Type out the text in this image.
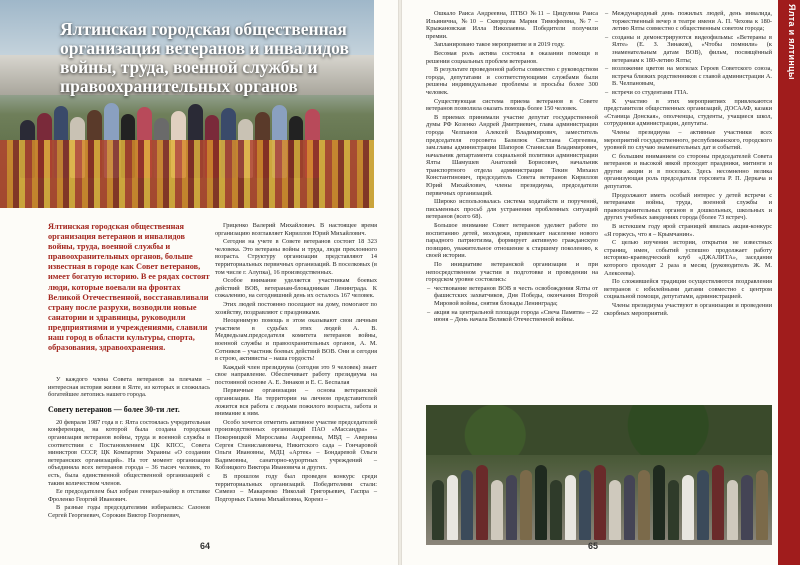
Ялтинская городская общественная организация ветеранов и инвалидов войны, труда, военной службы и правоохранительных органов

Ялтинская городская общественная организация ветеранов и инвалидов войны, труда, военной службы и правоохранительных органов, больше известная в городе как Совет ветеранов, имеет богатую историю. В ее рядах состоят люди, которые воевали на фронтах Великой Отечественной, восстанавливали страну после разрухи, возводили новые санатории и здравницы, руководили предприятиями и учреждениями, славили наш город в области культуры, спорта, образования, здравоохранения.

У каждого члена Совета ветеранов за плечами – интересная история жизни в Ялте, из которых и сложилась богатейшее летопись нашего города.

Совету ветеранов — более 30-ти лет.

20 февраля 1987 года в г. Ялта состоялась учредительная конференция, на которой была создана городская организация ветеранов войны, труда и военной службы в соответствии с Постановлением ЦК КПСС, Совета министров СССР, ЦК Компартии Украины «О создании ветеранских организаций». На тот момент организация объединяла всех ветеранов города – 36 тысяч человек, то есть, была единственной общественной организацией с таким количеством членов.

Ее председателем был избран генерал-майор в отставке Фроленко Георгий Иванович.

В разные годы председателями избирались: Сазонов Сергей Георгиевич, Сорокин Виктор Георгиевич,

Гриценко Валерий Михайлович. В настоящее время организацию возглавляет Кириллов Юрий Михайлович.

Сегодня на учете в Совете ветеранов состоит 18 323 человека. Это ветераны войны и труда, люди преклонного возраста. Структуру организации представляют 14 территориальных первичных организаций. В поселковых (в том числе г. Алупка), 16 производственных.

Особое внимание уделяется участникам боевых действий ВОВ, ветеранам-блокадникам Ленинграда. К сожалению, на сегодняшний день их осталось 167 человек.

Этих людей постоянно посещают на дому, помогают по хозяйству, поздравляют с праздниками.

Неоценимую помощь в этом оказывают свои личным участием в судьбах этих людей А. В. Медведьзам.председателя комитета ветеранов войны, военной службы и правоохранительных органов, А. М. Сотников – участник боевых действий ВОВ. Они и сегодня в строю, активисты – наша гордость!

Каждый член президиума (сегодня это 9 человек) знает свое направление. Обеспечивает работу президиума на постоянной основе А. Е. Зинаков и Е. С. Беспалая

Первичные организации – основа ветеранской организации. На территории на личном представителей ложится вся работа с людьми пожилого возраста, забота и внимание к ним.

Особо хочется отметить активное участие председателей производственных организаций ПАО «Массандра» – Покорницкой Мирославы Андреевны, МВД – Аверина Сергея Станиславовича, Никитского сада – Гончаровой Ольги Ивановны, МДЦ «Артек» – Бондаревой Ольги Вадимовны, санаторно-курортных учреждений – Кобзицкого Виктора Ивановича и других.

В прошлом году был проведен конкурс среди территориальных организаций. Победителями стали: Симеиз – Макаренко Николай Григорьевич, Гаспра – Подгорных Галина Михайловна, Кореиз –

64

Ошкало Раиса Андреевна, ПТВО №11 – Цицулина Раиса Ильинична, №10 – Скворцова Мария Тимофеевна, №7 – Крыжановская Илла Николаевна. Победители получили премии.

Запланировано такое мероприятие и в 2019 году.

Весомая роль актива состояла в оказании помощи в решении социальных проблем ветеранов.

В результате проведенной работы совместно с руководством города, депутатами и соответствующими службами были решены индивидуальные проблемы и просьбы более 300 человек.

Существующая система приема ветеранов в Совете ветеранов позволила оказать помощь более 150 человек.

В приемах принимали участие депутат государственной думы РФ Козенко Андрей Дмитриевич, глава администрации города Челпанов Алексей Владимирович, заместитель председателя горсовета Базилюк Светлана Сергеевна, зам.главы администрации Шапоров Станислав Владимирович, начальник департамента социальной политики администрации Ялты Шамушев Анатолий Борисович, начальник транспортного отдела администрации Текин Михаил Константинович, председатель Совета ветеранов Кириллов Юрий Михайлович, члены президиума, председатели первичных организаций.

Широко использовалась система ходатайств и поручений, письменных просьб для устранения проблемных ситуаций ветеранов (всего 68).

Большое внимание Совет ветеранов уделяет работе по воспитанию детей, молодежи, привлекает население нового парадного патриотизма, формирует активную гражданскую позицию, уважительное отношение к старшему поколению, к своей истории.

По инициативе ветеранской организации и при непосредственном участии в подготовке и проведении на городском уровне состоялись:

– чествование ветеранов ВОВ в честь освобождения Ялты от фашистских захватчиков, Дня Победы, окончания Второй Мировой войны, снятия блокады Ленинграда;
– акция на центральной площади города «Свеча Памяти» – 22 июня – День начала Великой Отечественной войны.
– Международный день пожилых людей, день инвалида, торжественный вечер в театре имени А. П. Чехова к 180-летию Ялты совместно с общественным советом города;
– созданы и демонстрируются видеофильмы: «Ветераны в Ялте» (Е. З. Зинаков), «Чтобы помнили» (к знаменательным датам ВОВ), фильм, посвящённый ветеранам к 180-летию Ялты;
– возложение цветов на могилах Героев Советского союза, встреча близких родственников с главой администрации А. В. Челпановым,
– встречи со студентами ГПА.

К участию в этих мероприятиях привлекаются представители общественных организаций, ДОСААФ, казаки «Станица Донская», ополченцы, студенты, учащиеся школ, сотрудники администрации, депутаты.

Члены президиума – активные участники всех мероприятий государственного, республиканского, городского уровней по случаю знаменательных дат и событий.

С большим вниманием со стороны председателей Совета ветеранов и высокой явкой проходят праздники, митинги и другие акции и в поселках. Здесь несомненно велика организующая роль председателя горсовета Р. П. Деркача и депутатов.

Продолжают иметь особый интерес у детей встречи с ветеранами войны, труда, военной службы и правоохранительных органов в дошкольных, школьных и других учебных заведениях города (более 73 встреч).

В истекшем году ярой страницей явилась акция-конкурс «Я горжусь, что я – Крымчанин».

С целью изучения истории, открытия не известных страниц, имен, событий успешно продолжает работу историко-краеведческий клуб «ДЖАЛИТА», заседания которого проходят 2 раза в месяц (руководитель Ж. М. Алексеева).

По сложившейся традиции осуществляются поздравления ветеранов с юбилейными датами совместно с центром социальной помощи, депутатами, администрацией.

Члены президиума участвуют в организации и проведении скорбных мероприятий.

65
Ялта и ялтинцы
